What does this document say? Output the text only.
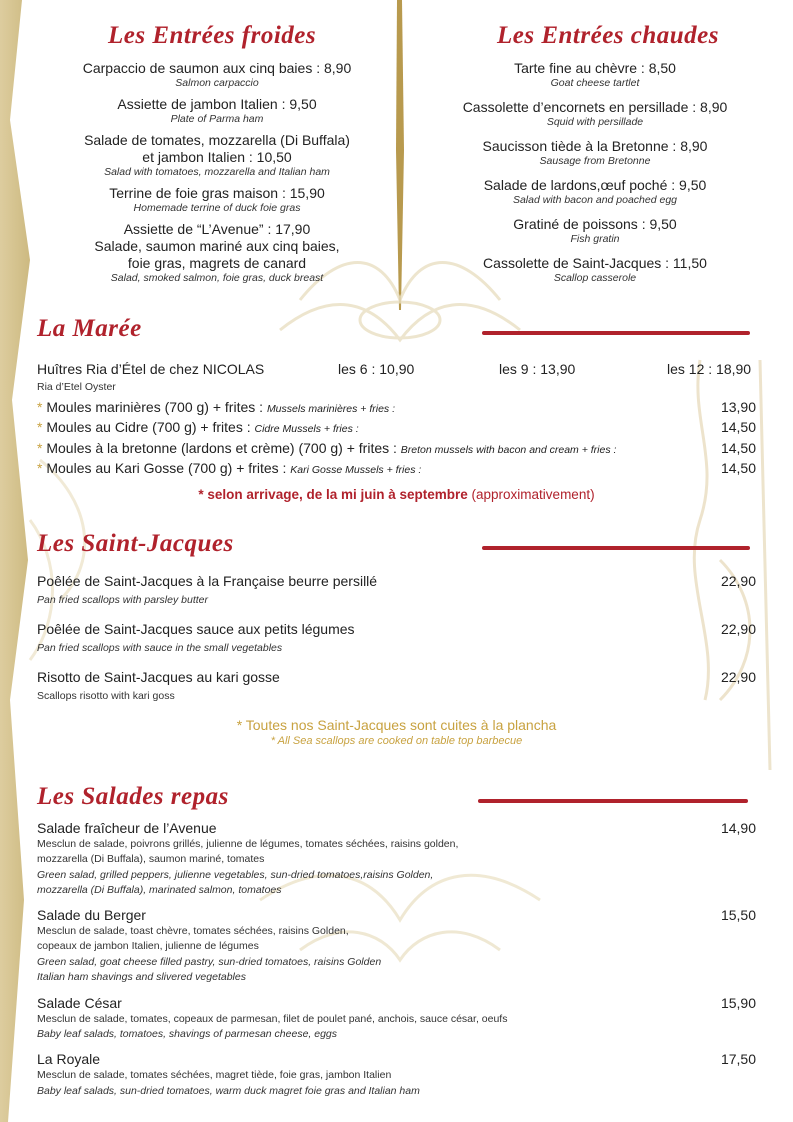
Les Entrées froides
Carpaccio de saumon aux cinq baies : 8,90
Salmon carpaccio
Assiette de jambon Italien : 9,50
Plate of Parma ham
Salade de tomates, mozzarella (Di Buffala)
et jambon Italien : 10,50
Salad with tomatoes, mozzarella and Italian ham
Terrine de foie gras maison : 15,90
Homemade terrine of duck foie gras
Assiette de “L’Avenue” : 17,90
Salade, saumon mariné aux cinq baies,
foie gras, magrets de canard
Salad, smoked salmon, foie gras, duck breast
Les Entrées chaudes
Tarte fine au chèvre : 8,50
Goat cheese tartlet
Cassolette d’encornets en persillade : 8,90
Squid with persillade
Saucisson tiède à la Bretonne : 8,90
Sausage from Bretonne
Salade de lardons,œuf poché : 9,50
Salad with bacon and poached egg
Gratiné de poissons : 9,50
Fish gratin
Cassolette de Saint-Jacques : 11,50
Scallop casserole
La Marée
Huîtres Ria d’Étel de chez NICOLAS	les 6 : 10,90	les 9 : 13,90	les 12 : 18,90
Ria d’Etel Oyster
* Moules marinières (700 g) + frites : Mussels marinières + fries :	13,90
* Moules au Cidre (700 g) + frites : Cidre Mussels + fries :	14,50
* Moules à la bretonne (lardons et crème) (700 g) + frites : Breton mussels with bacon and cream + fries :	14,50
* Moules au Kari Gosse (700 g) + frites : Kari Gosse Mussels + fries :	14,50
* selon arrivage, de la mi juin à septembre (approximativement)
Les Saint-Jacques
Poêlée de Saint-Jacques à la Française beurre persillé	22,90
Pan fried scallops with parsley butter
Poêlée de Saint-Jacques sauce aux petits légumes	22,90
Pan fried scallops with sauce in the small vegetables
Risotto de Saint-Jacques au kari gosse	22,90
Scallops risotto with kari goss
* Toutes nos Saint-Jacques sont cuites à la plancha
* All Sea scallops are cooked on table top barbecue
Les Salades repas
Salade fraîcheur de l’Avenue	14,90
Mesclun de salade, poivrons grillés, julienne de légumes, tomates séchées, raisins golden,
mozzarella (Di Buffala), saumon mariné, tomates
Green salad, grilled peppers, julienne vegetables, sun-dried tomatoes,raisins Golden,
mozzarella (Di Buffala), marinated salmon, tomatoes
Salade du Berger	15,50
Mesclun de salade, toast chèvre, tomates séchées, raisins Golden,
copeaux de jambon Italien, julienne de légumes
Green salad, goat cheese filled pastry, sun-dried tomatoes, raisins Golden
Italian ham shavings and slivered vegetables
Salade César	15,90
Mesclun de salade, tomates, copeaux de parmesan, filet de poulet pané, anchois, sauce césar, oeufs
Baby leaf salads, tomatoes, shavings of parmesan cheese, eggs
La Royale	17,50
Mesclun de salade, tomates séchées, magret tiède, foie gras, jambon Italien
Baby leaf salads, sun-dried tomatoes, warm duck magret foie gras and Italian ham
